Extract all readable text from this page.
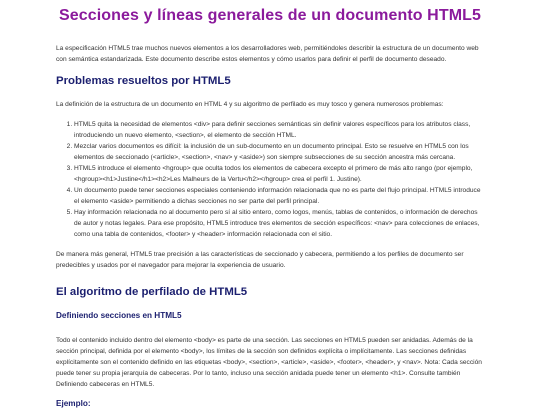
Secciones y líneas generales de un documento HTML5

La especificación HTML5 trae muchos nuevos elementos a los desarrolladores web, permitiéndoles describir la estructura de un documento web con semántica estandarizada. Este documento describe estos elementos y cómo usarlos para definir el perfil de documento deseado.

Problemas resueltos por HTML5

La definición de la estructura de un documento en HTML 4 y su algoritmo de perfilado es muy tosco y genera numerosos problemas:

1. HTML5 quita la necesidad de elementos <div> para definir secciones semánticas sin definir valores específicos para los atributos class, introduciendo un nuevo elemento, <section>, el elemento de sección HTML.
2. Mezclar varios documentos es difícil: la inclusión de un sub-documento en un documento principal. Esto se resuelve en HTML5 con los elementos de seccionado (<article>, <section>, <nav> y <aside>) son siempre subsecciones de su sección ancestra más cercana.
3. HTML5 introduce el elemento <hgroup> que oculta todos los elementos de cabecera excepto el primero de más alto rango (por ejemplo, <hgroup><h1>Justine</h1><h2>Les Malheurs de la Vertu</h2></hgroup> crea el perfil 1. Justine).
4. Un documento puede tener secciones especiales conteniendo información relacionada que no es parte del flujo principal. HTML5 introduce el elemento <aside> permitiendo a dichas secciones no ser parte del perfil principal.
5. Hay información relacionada no al documento pero sí al sitio entero, como logos, menús, tablas de contenidos, o información de derechos de autor y notas legales. Para ese propósito, HTML5 introduce tres elementos de sección específicos: <nav> para colecciones de enlaces, como una tabla de contenidos, <footer> y <header> información relacionada con el sitio.

De manera más general, HTML5 trae precisión a las características de seccionado y cabecera, permitiendo a los perfiles de documento ser predecibles y usados por el navegador para mejorar la experiencia de usuario.

El algoritmo de perfilado de HTML5
Definiendo secciones en HTML5

Todo el contenido incluido dentro del elemento <body> es parte de una sección. Las secciones en HTML5 pueden ser anidadas. Además de la sección principal, definida por el elemento <body>, los límites de la sección son definidos explícita o implícitamente. Las secciones definidas explícitamente son el contenido definido en las etiquetas <body>, <section>, <article>, <aside>, <footer>, <header>, y <nav>. Nota: Cada sección puede tener su propia jerarquía de cabeceras. Por lo tanto, incluso una sección anidada puede tener un elemento <h1>. Consulte también Definiendo cabeceras en HTML5.

Ejemplo:
